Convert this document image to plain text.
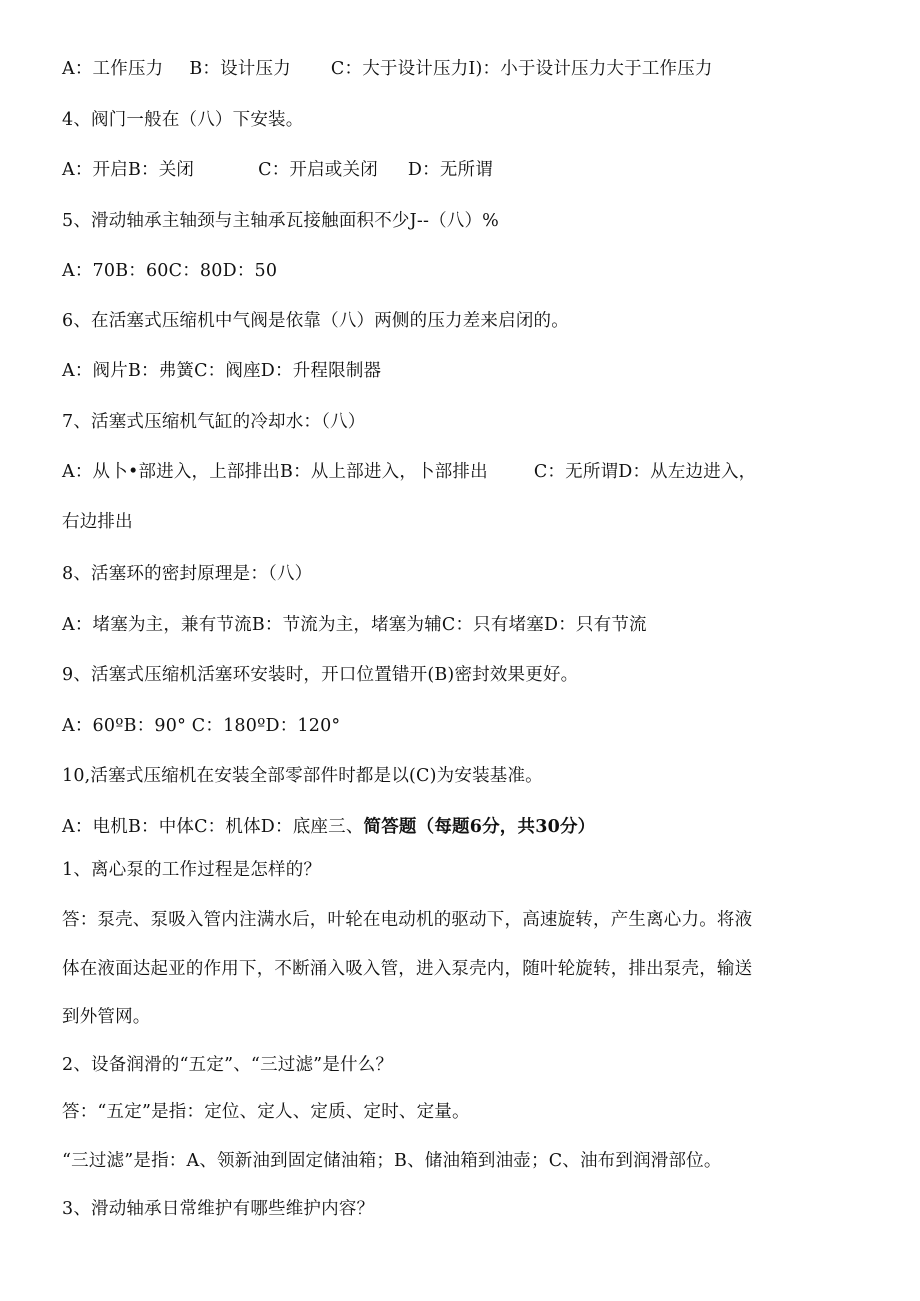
A：工作压力 B：设计压力 C：大于设计压力I)：小于设计压力大于工作压力
4、阀门一般在（八）下安装。
A：开启B：关闭	C：开启或关闭 D：无所谓
5、滑动轴承主轴颈与主轴承瓦接触面积不少J--（八）%
A：70B：60C：80D：50
6、在活塞式压缩机中气阀是依靠（八）两侧的压力差来启闭的。
A：阀片B：弗簧C：阀座D：升程限制器
7、活塞式压缩机气缸的冷却水：（八）
A：从卜•部进入，上部排出B：从上部进入，卜部排出	C：无所谓D：从左边进入，
右边排出
8、活塞环的密封原理是：（八）
A：堵塞为主，兼有节流B：节流为主，堵塞为辅C：只有堵塞D：只有节流
9、活塞式压缩机活塞环安装时，开口位置错开(B)密封效果更好。
A：60ºB：90° C：180ºD：120°
10,活塞式压缩机在安装全部零部件时都是以(C)为安装基准。
A：电机B：中体C：机体D：底座三、简答题（每题6分，共30分）
1、离心泵的工作过程是怎样的？
答：泵壳、泵吸入管内注满水后，叶轮在电动机的驱动下，高速旋转，产生离心力。将液
体在液面达起亚的作用下，不断涌入吸入管，进入泵壳内，随叶轮旋转，排出泵壳，输送
到外管网。
2、设备润滑的“五定”、“三过滤”是什么？
答：“五定”是指：定位、定人、定质、定时、定量。
“三过滤”是指：A、领新油到固定储油箱；B、储油箱到油壶；C、油布到润滑部位。
3、滑动轴承日常维护有哪些维护内容？
